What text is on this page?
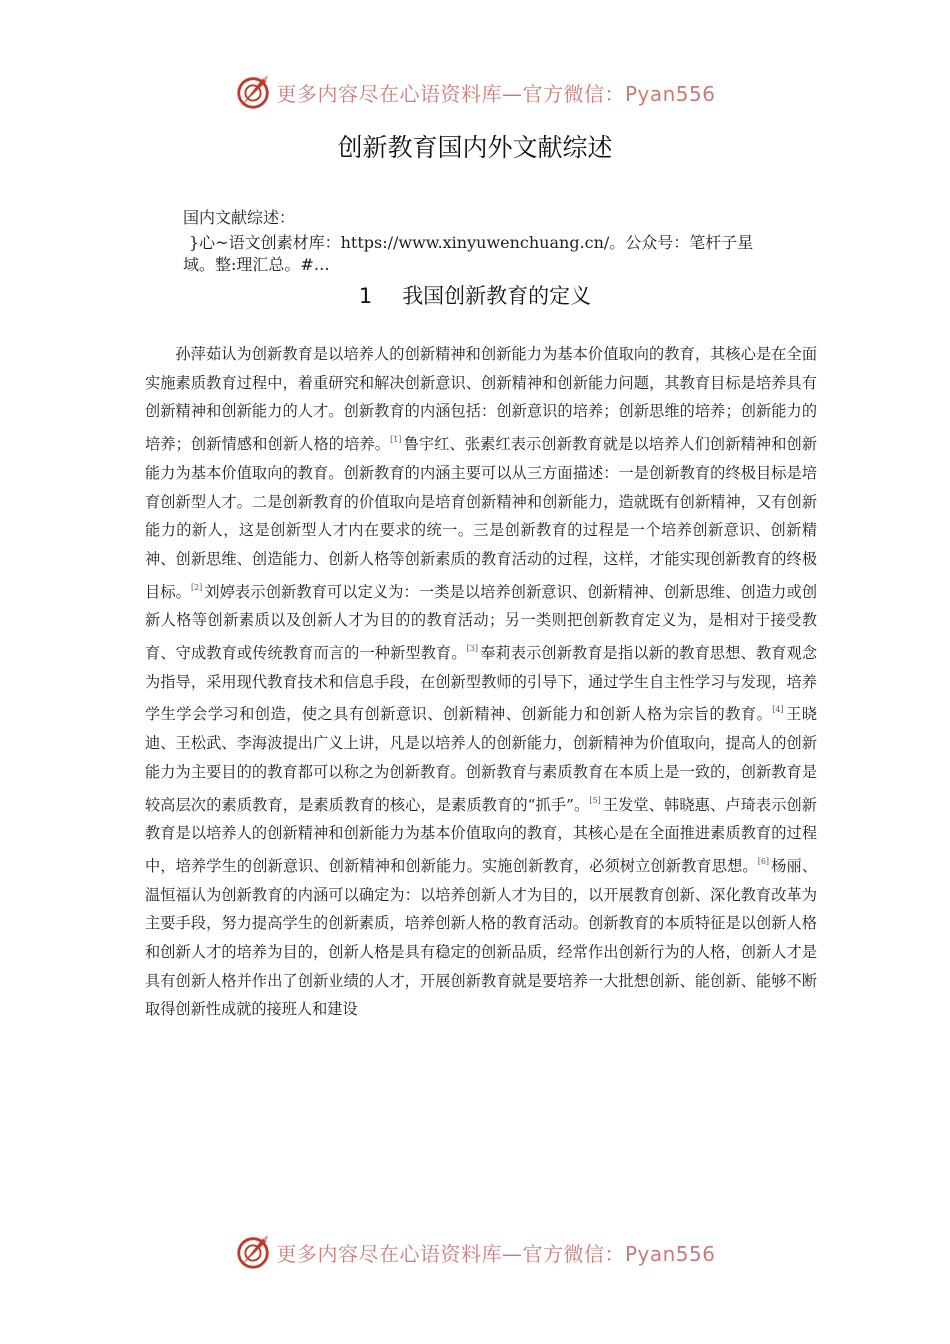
更多内容尽在心语资料库—官方微信：Pyan556
创新教育国内外文献综述
国内文献综述：
}心~语文创素材库：https://www.xinyuwenchuang.cn/。公众号：笔杆子星
域。整:理汇总。#…
1 我国创新教育的定义

孙萍茹认为创新教育是以培养人的创新精神和创新能力为基本价值取向的教育，其核心是在全面实施素质教育过程中，着重研究和解决创新意识、创新精神和创新能力问题，其教育目标是培养具有创新精神和创新能力的人才。创新教育的内涵包括：创新意识的培养；创新思维的培养；创新能力的培养；创新情感和创新人格的培养。[1] 鲁宇红、张素红表示创新教育就是以培养人们创新精神和创新能力为基本价值取向的教育。创新教育的内涵主要可以从三方面描述：一是创新教育的终极目标是培育创新型人才。二是创新教育的价值取向是培育创新精神和创新能力，造就既有创新精神，又有创新能力的新人，这是创新型人才内在要求的统一。三是创新教育的过程是一个培养创新意识、创新精神、创新思维、创造能力、创新人格等创新素质的教育活动的过程，这样，才能实现创新教育的终极目标。[2] 刘婷表示创新教育可以定义为：一类是以培养创新意识、创新精神、创新思维、创造力或创新人格等创新素质以及创新人才为目的的教育活动；另一类则把创新教育定义为，是相对于接受教育、守成教育或传统教育而言的一种新型教育。[3] 奉莉表示创新教育是指以新的教育思想、教育观念为指导，采用现代教育技术和信息手段，在创新型教师的引导下，通过学生自主性学习与发现，培养学生学会学习和创造，使之具有创新意识、创新精神、创新能力和创新人格为宗旨的教育。[4] 王晓迪、王松武、李海波提出广义上讲，凡是以培养人的创新能力，创新精神为价值取向，提高人的创新能力为主要目的的教育都可以称之为创新教育。创新教育与素质教育在本质上是一致的，创新教育是较高层次的素质教育，是素质教育的核心，是素质教育的“抓手”。[5] 王发堂、韩晓惠、卢琦表示创新教育是以培养人的创新精神和创新能力为基本价值取向的教育，其核心是在全面推进素质教育的过程中，培养学生的创新意识、创新精神和创新能力。实施创新教育，必须树立创新教育思想。[6] 杨丽、温恒福认为创新教育的内涵可以确定为：以培养创新人才为目的，以开展教育创新、深化教育改革为主要手段，努力提高学生的创新素质，培养创新人格的教育活动。创新教育的本质特征是以创新人格和创新人才的培养为目的，创新人格是具有稳定的创新品质，经常作出创新行为的人格，创新人才是具有创新人格并作出了创新业绩的人才，开展创新教育就是要培养一大批想创新、能创新、能够不断取得创新性成就的接班人和建设

更多内容尽在心语资料库—官方微信：Pyan556
